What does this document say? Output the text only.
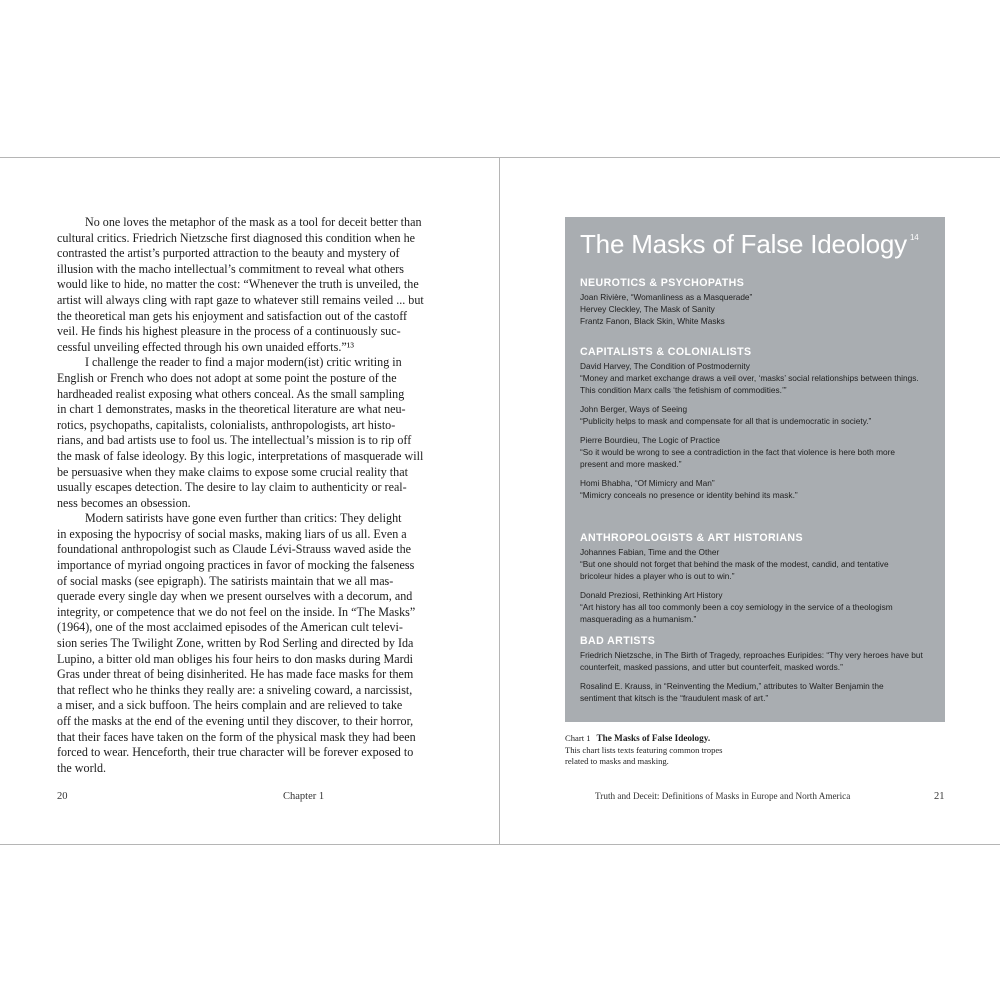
No one loves the metaphor of the mask as a tool for deceit better than
cultural critics. Friedrich Nietzsche first diagnosed this condition when he
contrasted the artist’s purported attraction to the beauty and mystery of
illusion with the macho intellectual’s commitment to reveal what others
would like to hide, no matter the cost: “Whenever the truth is unveiled, the
artist will always cling with rapt gaze to whatever still remains veiled ... but
the theoretical man gets his enjoyment and satisfaction out of the castoff
veil. He finds his highest pleasure in the process of a continuously suc-
cessful unveiling effected through his own unaided efforts.”¹³
I challenge the reader to find a major modern(ist) critic writing in
English or French who does not adopt at some point the posture of the
hardheaded realist exposing what others conceal. As the small sampling
in chart 1 demonstrates, masks in the theoretical literature are what neu-
rotics, psychopaths, capitalists, colonialists, anthropologists, art histo-
rians, and bad artists use to fool us. The intellectual’s mission is to rip off
the mask of false ideology. By this logic, interpretations of masquerade will
be persuasive when they make claims to expose some crucial reality that
usually escapes detection. The desire to lay claim to authenticity or real-
ness becomes an obsession.
Modern satirists have gone even further than critics: They delight
in exposing the hypocrisy of social masks, making liars of us all. Even a
foundational anthropologist such as Claude Lévi-Strauss waved aside the
importance of myriad ongoing practices in favor of mocking the falseness
of social masks (see epigraph). The satirists maintain that we all mas-
querade every single day when we present ourselves with a decorum, and
integrity, or competence that we do not feel on the inside. In “The Masks”
(1964), one of the most acclaimed episodes of the American cult televi-
sion series The Twilight Zone, written by Rod Serling and directed by Ida
Lupino, a bitter old man obliges his four heirs to don masks during Mardi
Gras under threat of being disinherited. He has made face masks for them
that reflect who he thinks they really are: a sniveling coward, a narcissist,
a miser, and a sick buffoon. The heirs complain and are relieved to take
off the masks at the end of the evening until they discover, to their horror,
that their faces have taken on the form of the physical mask they had been
forced to wear. Henceforth, their true character will be forever exposed to
the world.
20	Chapter 1
The Masks of False Ideology $^{14}$
NEUROTICS & PSYCHOPATHS
Joan Rivière, “Womanliness as a Masquerade”
Hervey Cleckley, The Mask of Sanity
Frantz Fanon, Black Skin, White Masks
CAPITALISTS & COLONIALISTS
David Harvey, The Condition of Postmodernity
“Money and market exchange draws a veil over, ‘masks’ social relationships between things.
This condition Marx calls ‘the fetishism of commodities.’”
John Berger, Ways of Seeing
“Publicity helps to mask and compensate for all that is undemocratic in society.”
Pierre Bourdieu, The Logic of Practice
“So it would be wrong to see a contradiction in the fact that violence is here both more
present and more masked.”
Homi Bhabha, “Of Mimicry and Man”
“Mimicry conceals no presence or identity behind its mask.”
ANTHROPOLOGISTS & ART HISTORIANS
Johannes Fabian, Time and the Other
“But one should not forget that behind the mask of the modest, candid, and tentative
bricoleur hides a player who is out to win.”
Donald Preziosi, Rethinking Art History
“Art history has all too commonly been a coy semiology in the service of a theologism
masquerading as a humanism.”
BAD ARTISTS
Friedrich Nietzsche, in The Birth of Tragedy, reproaches Euripides: “Thy very heroes have but
counterfeit, masked passions, and utter but counterfeit, masked words.”
Rosalind E. Krauss, in “Reinventing the Medium,” attributes to Walter Benjamin the
sentiment that kitsch is the “fraudulent mask of art.”
Chart 1 The Masks of False Ideology.
This chart lists texts featuring common tropes
related to masks and masking.
Truth and Deceit: Definitions of Masks in Europe and North America	21
